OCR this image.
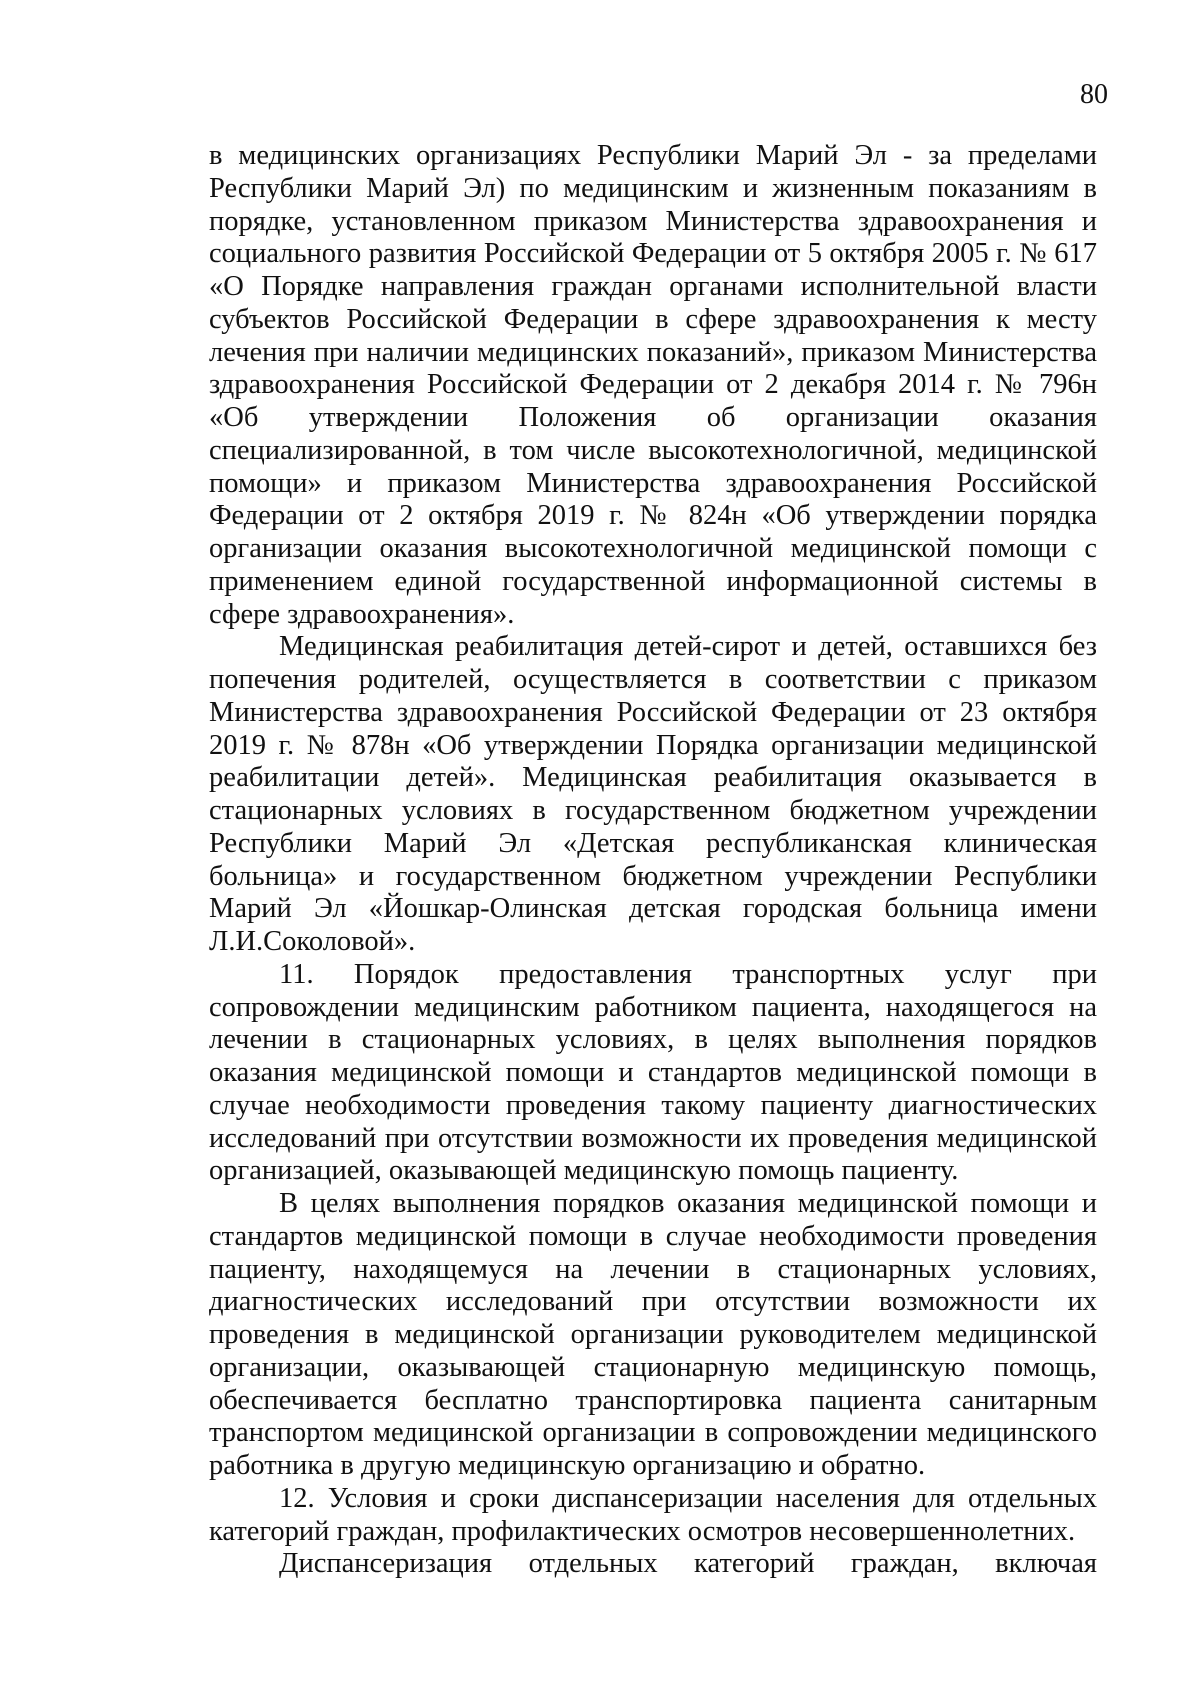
80

в медицинских организациях Республики Марий Эл - за пределами Республики Марий Эл) по медицинским и жизненным показаниям в порядке, установленном приказом Министерства здравоохранения и социального развития Российской Федерации от 5 октября 2005 г. № 617 «О Порядке направления граждан органами исполнительной власти субъектов Российской Федерации в сфере здравоохранения к месту лечения при наличии медицинских показаний», приказом Министерства здравоохранения Российской Федерации от 2 декабря 2014 г. № 796н «Об утверждении Положения об организации оказания специализированной, в том числе высокотехнологичной, медицинской помощи» и приказом Министерства здравоохранения Российской Федерации от 2 октября 2019 г. № 824н «Об утверждении порядка организации оказания высокотехнологичной медицинской помощи с применением единой государственной информационной системы в сфере здравоохранения».

Медицинская реабилитация детей-сирот и детей, оставшихся без попечения родителей, осуществляется в соответствии с приказом Министерства здравоохранения Российской Федерации от 23 октября 2019 г. № 878н «Об утверждении Порядка организации медицинской реабилитации детей». Медицинская реабилитация оказывается в стационарных условиях в государственном бюджетном учреждении Республики Марий Эл «Детская республиканская клиническая больница» и государственном бюджетном учреждении Республики Марий Эл «Йошкар-Олинская детская городская больница имени Л.И.Соколовой».

11. Порядок предоставления транспортных услуг при сопровождении медицинским работником пациента, находящегося на лечении в стационарных условиях, в целях выполнения порядков оказания медицинской помощи и стандартов медицинской помощи в случае необходимости проведения такому пациенту диагностических исследований при отсутствии возможности их проведения медицинской организацией, оказывающей медицинскую помощь пациенту.

В целях выполнения порядков оказания медицинской помощи и стандартов медицинской помощи в случае необходимости проведения пациенту, находящемуся на лечении в стационарных условиях, диагностических исследований при отсутствии возможности их проведения в медицинской организации руководителем медицинской организации, оказывающей стационарную медицинскую помощь, обеспечивается бесплатно транспортировка пациента санитарным транспортом медицинской организации в сопровождении медицинского работника в другую медицинскую организацию и обратно.

12. Условия и сроки диспансеризации населения для отдельных категорий граждан, профилактических осмотров несовершеннолетних.

Диспансеризация отдельных категорий граждан, включая
